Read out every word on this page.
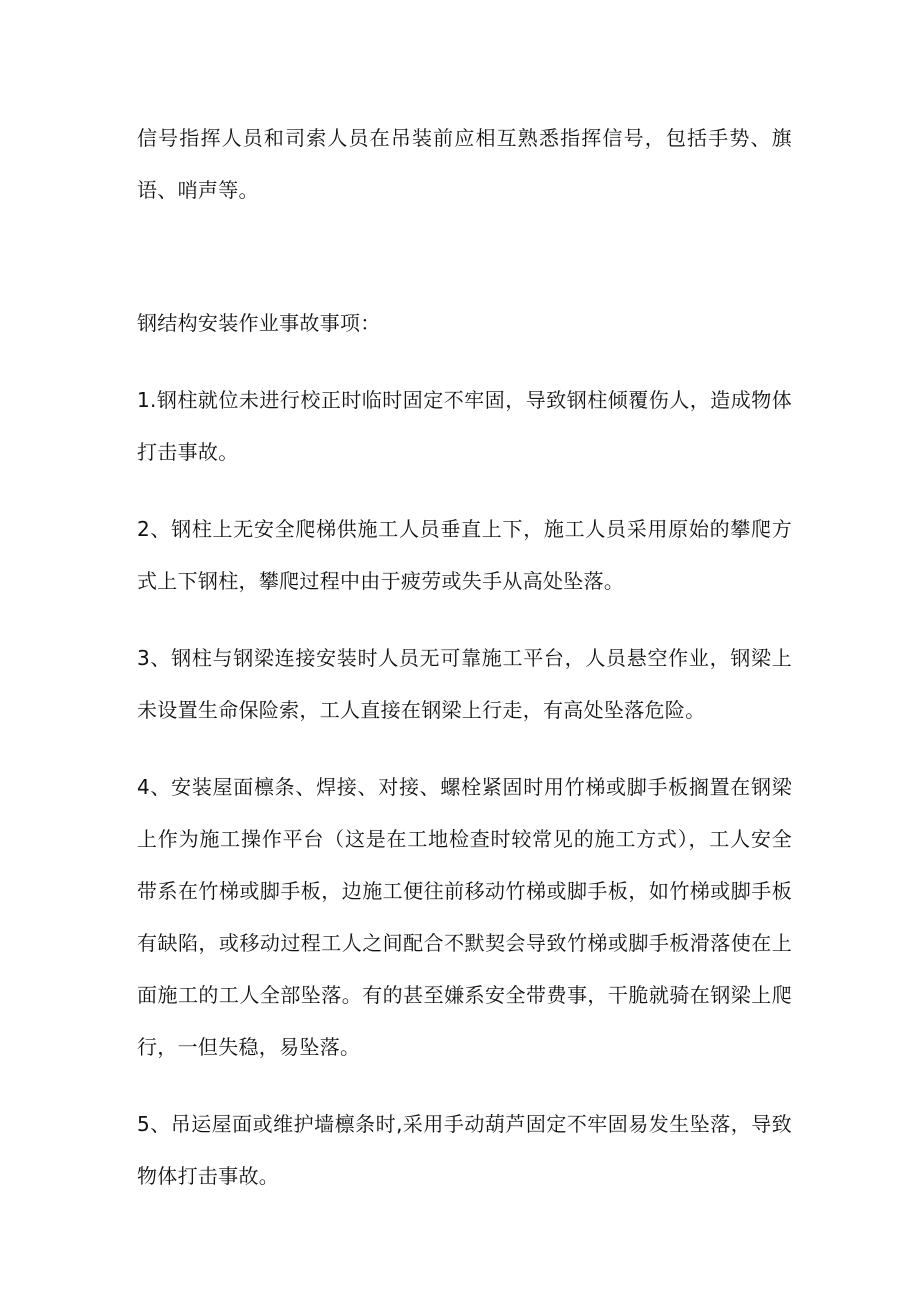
信号指挥人员和司索人员在吊装前应相互熟悉指挥信号，包括手势、旗语、哨声等。

钢结构安装作业事故事项：

1.钢柱就位未进行校正时临时固定不牢固，导致钢柱倾覆伤人，造成物体打击事故。

2、钢柱上无安全爬梯供施工人员垂直上下，施工人员采用原始的攀爬方式上下钢柱，攀爬过程中由于疲劳或失手从高处坠落。

3、钢柱与钢梁连接安装时人员无可靠施工平台，人员悬空作业，钢梁上未设置生命保险索，工人直接在钢梁上行走，有高处坠落危险。

4、安装屋面檩条、焊接、对接、螺栓紧固时用竹梯或脚手板搁置在钢梁上作为施工操作平台（这是在工地检查时较常见的施工方式），工人安全带系在竹梯或脚手板，边施工便往前移动竹梯或脚手板，如竹梯或脚手板有缺陷，或移动过程工人之间配合不默契会导致竹梯或脚手板滑落使在上面施工的工人全部坠落。有的甚至嫌系安全带费事，干脆就骑在钢梁上爬行，一但失稳，易坠落。

5、吊运屋面或维护墙檩条时,采用手动葫芦固定不牢固易发生坠落，导致物体打击事故。
